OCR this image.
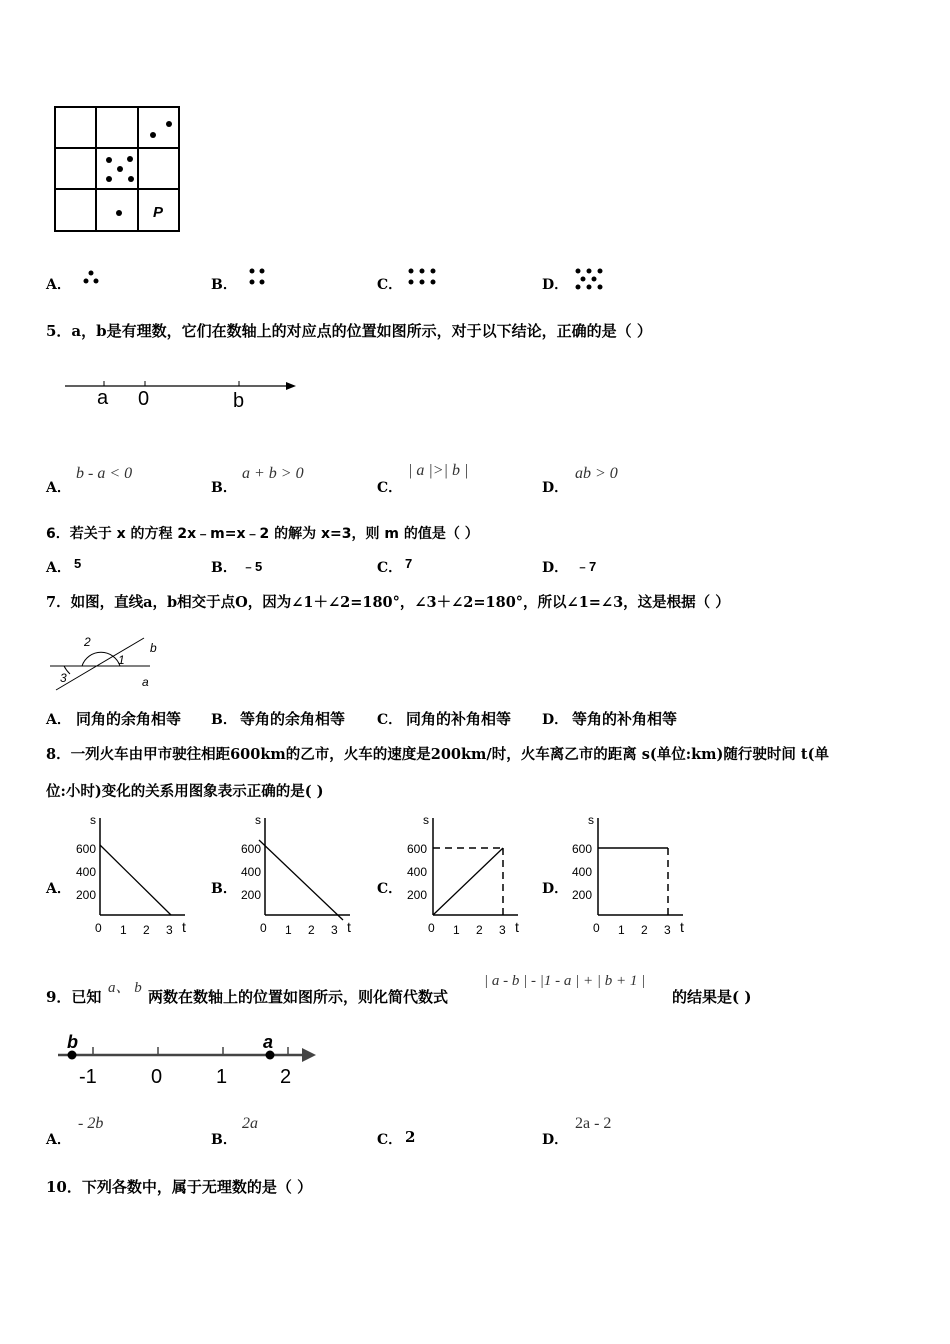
P
A．	B．	C．	D．
5．a，b是有理数，它们在数轴上的对应点的位置如图所示，对于以下结论，正确的是（ ）
a 0	b
A．
b - a < 0
B．
a + b > 0
C．
| a |>| b |
D．
ab > 0
6．若关于 x 的方程 2x﹣m=x﹣2 的解为 x=3，则 m 的值是（ ）
A． 5	B． ﹣5	C． 7	D． ﹣7
7．如图，直线a，b相交于点O，因为∠1＋∠2=180°，∠3＋∠2=180°，所以∠1=∠3，这是根据（ ）
2
1
3
b
a
A． 同角的余角相等 B． 等角的余角相等 C． 同角的补角相等 D． 等角的补角相等
8．一列火车由甲市驶往相距600km的乙市，火车的速度是200km/时，火车离乙市的距离 s(单位:km)随行驶时间 t(单
位:小时)变化的关系用图象表示正确的是( )
A．
s
600
400
200
0 1 2 3 t
B．
s
600
400
200
0 1 2 3 t
C．
s
600
400
200
0 1 2 3 t
D．
s
600
400
200
0 1 2 3 t
9．已知 a、 b 两数在数轴上的位置如图所示，则化简代数式
| a - b | - |1 - a | + | b + 1 |
的结果是( )
b	a
-1	0	1	2
A．
- 2b
B．
2a
C． 2	D．
2a - 2
10．下列各数中，属于无理数的是（ ）
